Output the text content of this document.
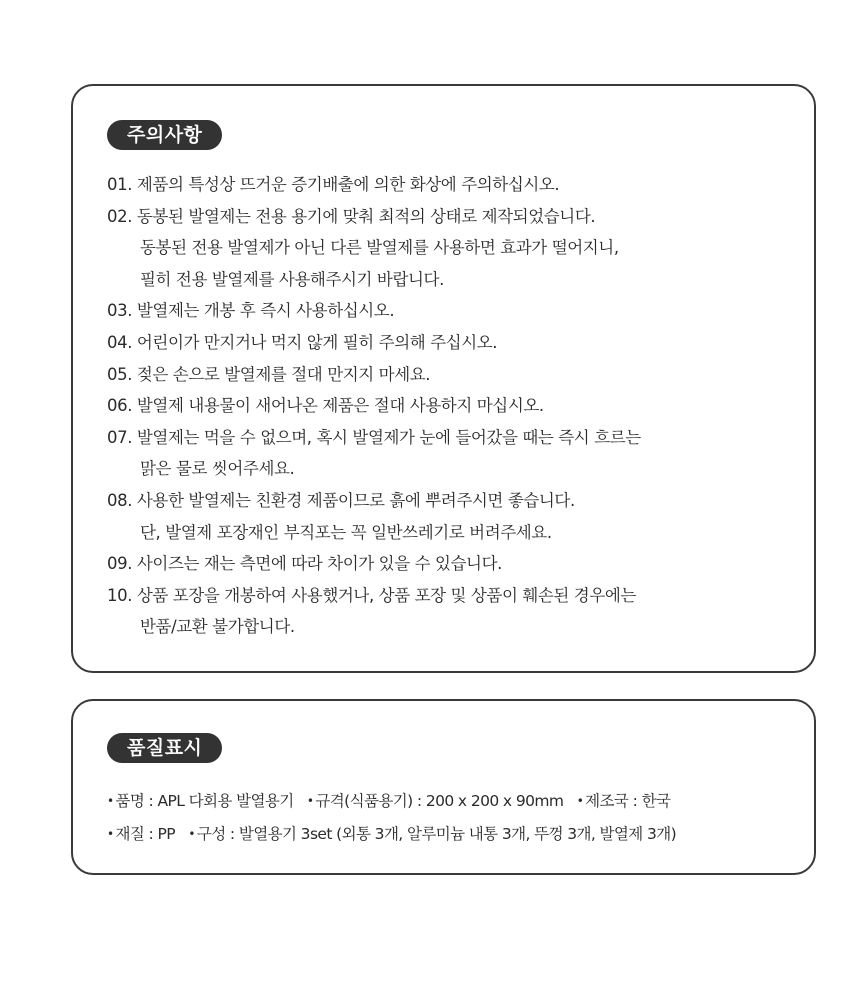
주의사항
01. 제품의 특성상 뜨거운 증기배출에 의한 화상에 주의하십시오.
02. 동봉된 발열제는 전용 용기에 맞춰 최적의 상태로 제작되었습니다.
동봉된 전용 발열제가 아닌 다른 발열제를 사용하면 효과가 떨어지니,
필히 전용 발열제를 사용해주시기 바랍니다.
03. 발열제는 개봉 후 즉시 사용하십시오.
04. 어린이가 만지거나 먹지 않게 필히 주의해 주십시오.
05. 젖은 손으로 발열제를 절대 만지지 마세요.
06. 발열제 내용물이 새어나온 제품은 절대 사용하지 마십시오.
07. 발열제는 먹을 수 없으며, 혹시 발열제가 눈에 들어갔을 때는 즉시 흐르는
맑은 물로 씻어주세요.
08. 사용한 발열제는 친환경 제품이므로 흙에 뿌려주시면 좋습니다.
단, 발열제 포장재인 부직포는 꼭 일반쓰레기로 버려주세요.
09. 사이즈는 재는 측면에 따라 차이가 있을 수 있습니다.
10. 상품 포장을 개봉하여 사용했거나, 상품 포장 및 상품이 훼손된 경우에는
반품/교환 불가합니다.
품질표시
• 품명 : APL 다회용 발열용기 • 규격(식품용기) : 200 x 200 x 90mm • 제조국 : 한국
• 재질 : PP • 구성 : 발열용기 3set (외통 3개, 알루미늄 내통 3개, 뚜껑 3개, 발열제 3개)
